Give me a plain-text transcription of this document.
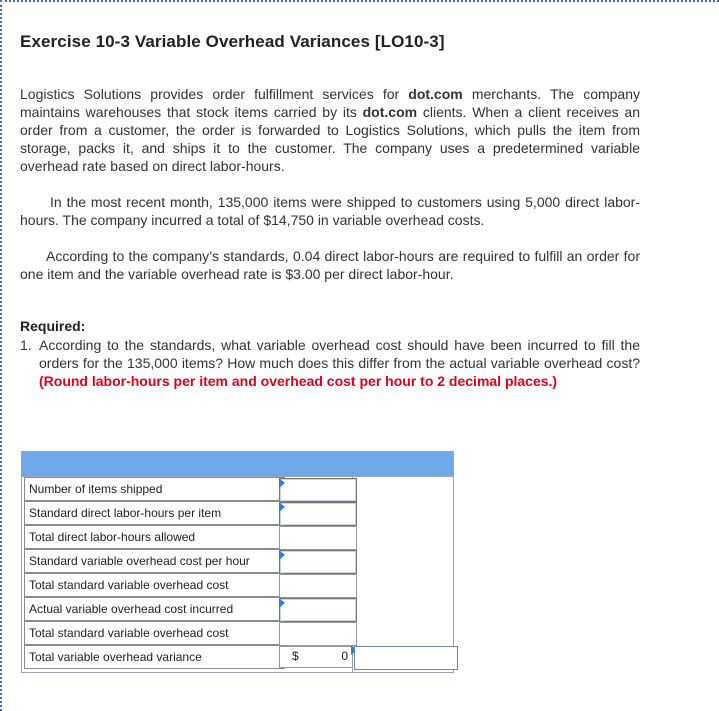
Exercise 10-3 Variable Overhead Variances [LO10-3]

Logistics Solutions provides order fulfillment services for dot.com merchants. The company maintains warehouses that stock items carried by its dot.com clients. When a client receives an order from a customer, the order is forwarded to Logistics Solutions, which pulls the item from storage, packs it, and ships it to the customer. The company uses a predetermined variable overhead rate based on direct labor-hours.

In the most recent month, 135,000 items were shipped to customers using 5,000 direct labor-hours. The company incurred a total of $14,750 in variable overhead costs.

According to the company’s standards, 0.04 direct labor-hours are required to fulfill an order for one item and the variable overhead rate is $3.00 per direct labor-hour.

Required:
1. According to the standards, what variable overhead cost should have been incurred to fill the orders for the 135,000 items? How much does this differ from the actual variable overhead cost? (Round labor-hours per item and overhead cost per hour to 2 decimal places.)
Number of items shipped
Standard direct labor-hours per item
Total direct labor-hours allowed
Standard variable overhead cost per hour
Total standard variable overhead cost
Actual variable overhead cost incurred
Total standard variable overhead cost
Total variable overhead variance	$	0
